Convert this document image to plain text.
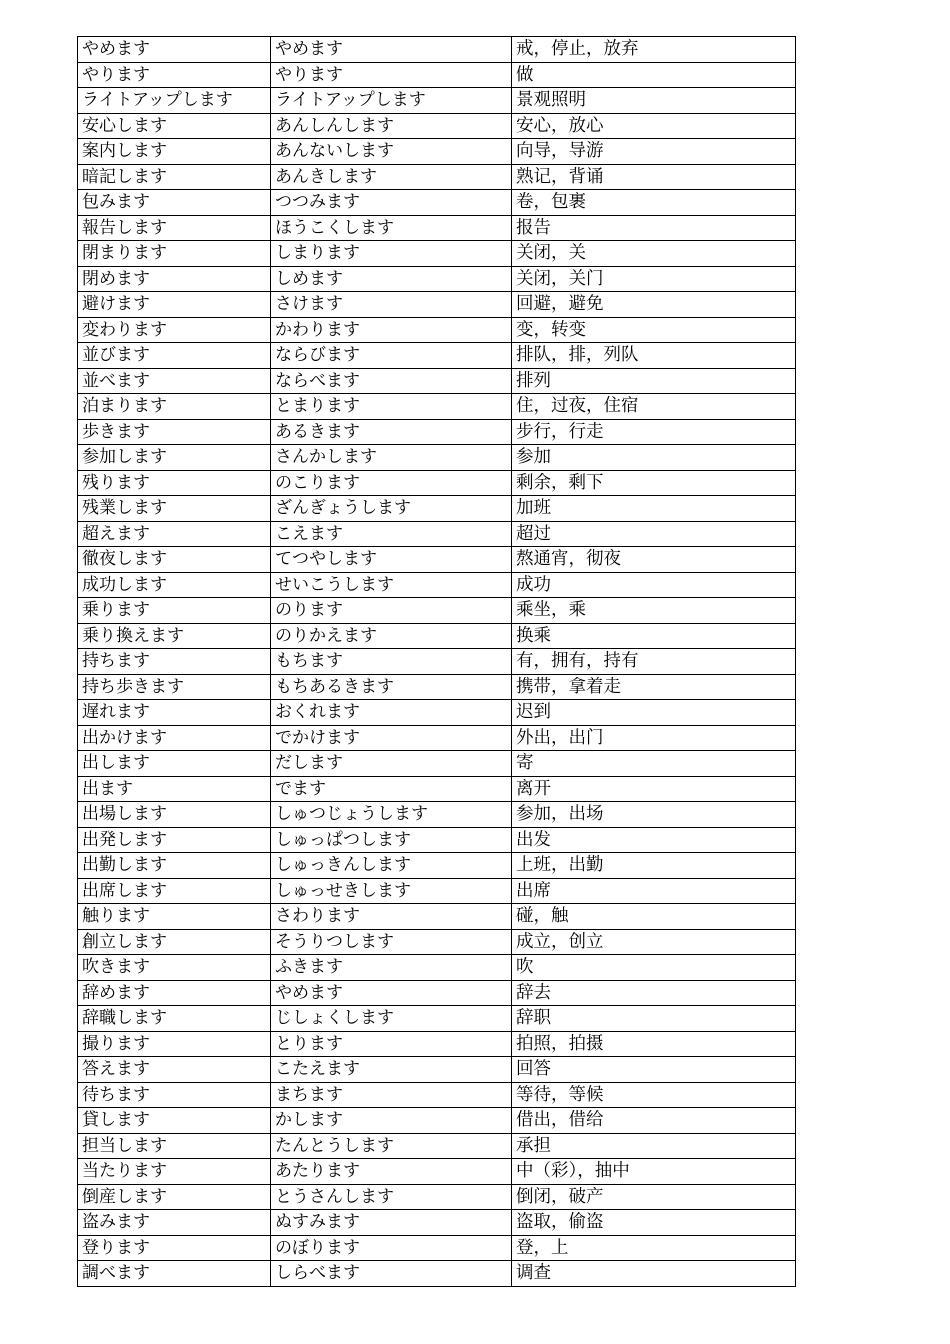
やめます	やめます	戒，停止，放弃
やります	やります	做
ライトアップします	ライトアップします	景观照明
安心します	あんしんします	安心，放心
案内します	あんないします	向导，导游
暗記します	あんきします	熟记，背诵
包みます	つつみます	卷，包裹
報告します	ほうこくします	报告
閉まります	しまります	关闭，关
閉めます	しめます	关闭，关门
避けます	さけます	回避，避免
変わります	かわります	变，转变
並びます	ならびます	排队，排，列队
並べます	ならべます	排列
泊まります	とまります	住，过夜，住宿
歩きます	あるきます	步行，行走
参加します	さんかします	参加
残ります	のこります	剩余，剩下
残業します	ざんぎょうします	加班
超えます	こえます	超过
徹夜します	てつやします	熬通宵，彻夜
成功します	せいこうします	成功
乗ります	のります	乘坐，乘
乗り換えます	のりかえます	换乘
持ちます	もちます	有，拥有，持有
持ち歩きます	もちあるきます	携带，拿着走
遅れます	おくれます	迟到
出かけます	でかけます	外出，出门
出します	だします	寄
出ます	でます	离开
出場します	しゅつじょうします	参加，出场
出発します	しゅっぱつします	出发
出勤します	しゅっきんします	上班，出勤
出席します	しゅっせきします	出席
触ります	さわります	碰，触
創立します	そうりつします	成立，创立
吹きます	ふきます	吹
辞めます	やめます	辞去
辞職します	じしょくします	辞职
撮ります	とります	拍照，拍摄
答えます	こたえます	回答
待ちます	まちます	等待，等候
貸します	かします	借出，借给
担当します	たんとうします	承担
当たります	あたります	中（彩），抽中
倒産します	とうさんします	倒闭，破产
盗みます	ぬすみます	盗取，偷盗
登ります	のぼります	登，上
調べます	しらべます	调查
